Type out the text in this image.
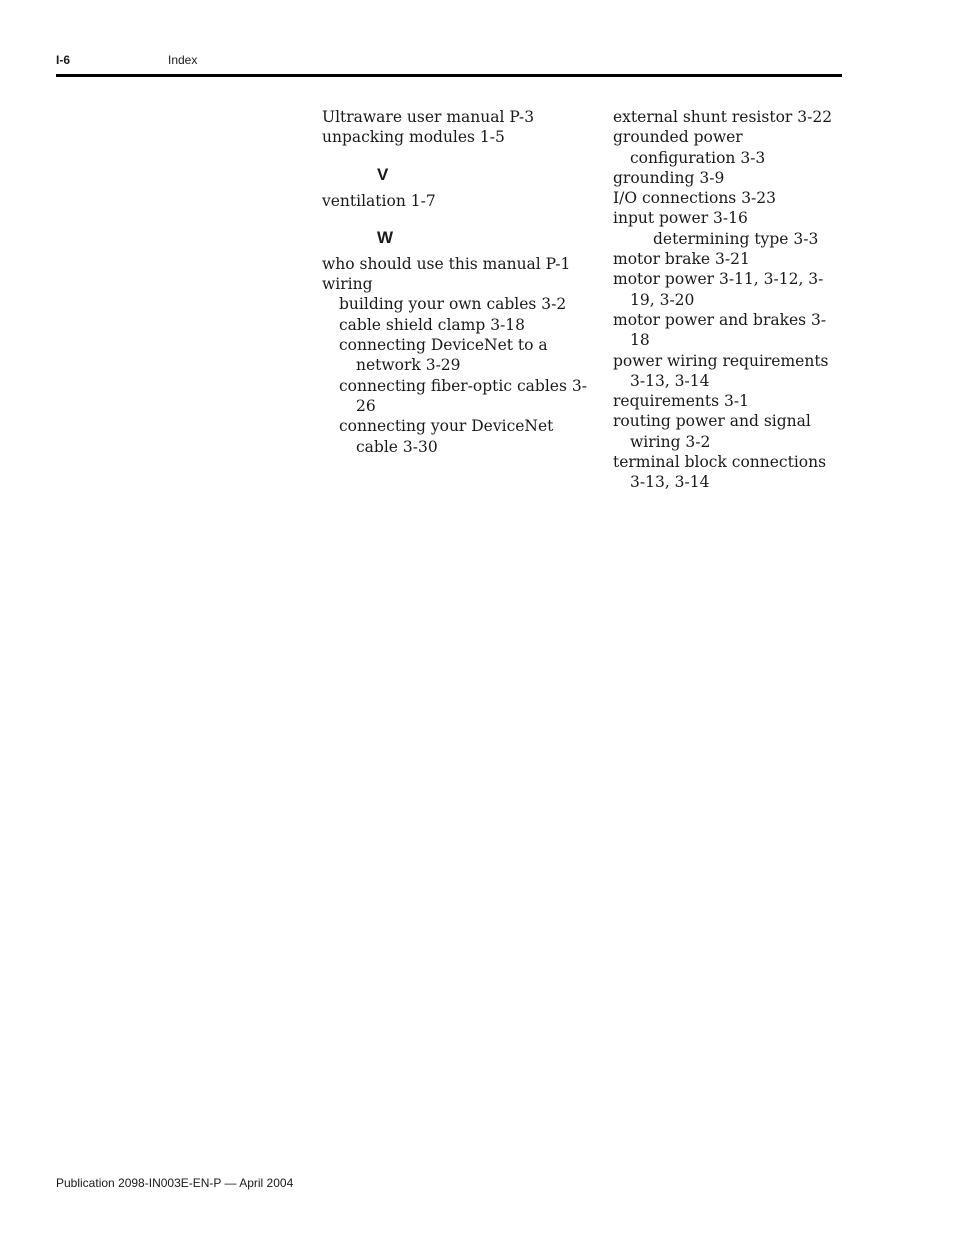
I-6	Index
Ultraware user manual P-3
unpacking modules 1-5
V
ventilation 1-7
W
who should use this manual P-1
wiring
building your own cables 3-2
cable shield clamp 3-18
connecting DeviceNet to a network 3-29
connecting fiber-optic cables 3-26
connecting your DeviceNet cable 3-30
external shunt resistor 3-22
grounded power configuration 3-3
grounding 3-9
I/O connections 3-23
input power 3-16
determining type 3-3
motor brake 3-21
motor power 3-11, 3-12, 3-19, 3-20
motor power and brakes 3-18
power wiring requirements 3-13, 3-14
requirements 3-1
routing power and signal wiring 3-2
terminal block connections 3-13, 3-14
Publication 2098-IN003E-EN-P — April 2004
